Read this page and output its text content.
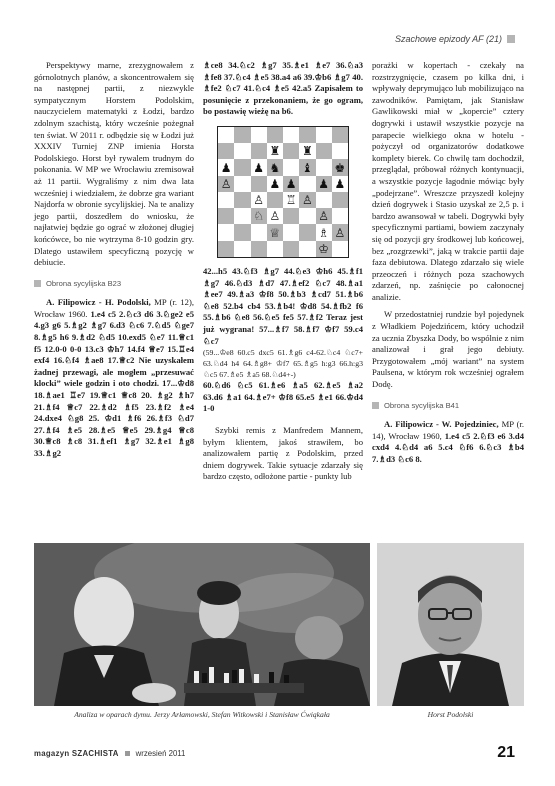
Szachowe epizody AF (21)

Perspektywy marne, zrezygnowałem z górnolotnych planów, a skoncentrowałem się na następnej partii, z niezwykle sympatycznym Horstem Podolskim, nauczycielem matematyki z Łodzi, bardzo zdolnym szachistą, który wcześnie pożegnał ten świat. W 2011 r. odbędzie się w Łodzi już XXXIV Turniej ZNP imienia Horsta Podolskiego. Horst był rywalem trudnym do pokonania. W MP we Wrocławiu zremisował aż 11 partii. Wygraliśmy z nim dwa lata wcześniej i wiedziałem, że dobrze gra wariant Najdorfa w obronie sycylijskiej. Na te analizy jego partii, doszedłem do wniosku, że najłatwiej będzie go ograć w złożonej długiej końcówce, bo nie wytrzyma 8-10 godzin gry. Dlatego ustawiłem specyficzną pozycję w debiucie.

Obrona sycylijska B23

A. Filipowicz - H. Podolski, MP (r. 12), Wrocław 1960. 1.e4 c5 2.♘c3 d6 3.♘ge2 e5 4.g3 g6 5.♗g2 ♗g7 6.d3 ♘c6 7.♘d5 ♘ge7 8.♗g5 h6 9.♗d2 ♘d5 10.exd5 ♘e7 11.♕c1 f5 12.0-0 0-0 13.c3 ♔h7 14.f4 ♕e7 15.♖e4 exf4 16.♘f4 ♗ae8 17.♕c2 Nie uzyskałem żadnej przewagi, ale mogłem „przesuwać klocki” wiele godzin i oto chodzi. 17...♔d8 18.♗ae1 ♖e7 19.♕c1 ♕c8 20. ♗g2 ♗h7 21.♗f4 ♕c7 22.♗d2 ♗f5 23.♗f2 ♗e4 24.dxe4 ♘g8 25. ♔d1 ♗f6 26.♗f3 ♘d7 27.♗f4 ♗e5 28.♗e5 ♕e5 29.♗g4 ♕c8 30.♕c8 ♗c8 31.♗ef1 ♗g7 32.♗e1 ♗g8 33.♗g2

♗ce8 34.♘c2 ♗g7 35.♗e1 ♗e7 36.♘a3 ♗fe8 37.♘c4 ♗e5 38.a4 a6 39.♔b6 ♗g7 40. ♗fe2 ♘c7 41.♘c4 ♗e5 42.a5 Zapisałem to posunięcie z przekonaniem, że go ogram, bo postawię wieżę na b6.

♜ ♜
♟ ♟ ♞ ♝ ♚
♙	♟ ♟ ♟ ♟
♙ ♖ ♙
♘ ♙	♙
♕	♗ ♙
♔

42...h5 43.♘f3 ♗g7 44.♘e3 ♔h6 45.♗f1 ♗g7 46.♘d3 ♗d7 47.♗ef2 ♘c7 48.♗a1 ♗ee7 49.♗a3 ♔f8 50.♗b3 ♗cd7 51.♗b6 ♘e8 52.b4 cb4 53.♗b4! ♔d8 54.♗fb2 f6 55.♗b6 ♘e8 56.♘e5 fe5 57.♗f2 Teraz jest już wygrana! 57...♗f7 58.♗f7 ♔f7 59.c4 ♘c7

(59...♔e8 60.c5 dxc5 61.♗g6 c4-62.♘c4 ♘c7+ 63.♘d4 h4 64.♗g8+ ♔f7 65.♗g5 h:g3 66.h:g3 ♘c5 67.♗e5 ♗a5 68.♘d4+-)

60.♘d6 ♘c5 61.♗e6 ♗a5 62.♗e5 ♗a2 63.d6 ♗a1 64.♗e7+ ♔f8 65.e5 ♗e1 66.♔d4 1-0

Szybki remis z Manfredem Mannem, byłym klientem, jakoś strawiłem, bo analizowałem partię z Podolskim, przed dniem dogrywek. Takie sytuacje zdarzały się bardzo często, odłożone partie - punkty lub

porażki w kopertach - czekały na rozstrzygnięcie, czasem po kilka dni, i wpływały deprymująco lub mobilizująco na zawodników. Pamiętam, jak Stanisław Gawlikowski miał w „kopercie” cztery dogrywki i ustawił wszystkie pozycje na parapecie wielkiego okna w hotelu - pożyczył od organizatorów dodatkowe komplety bierek. Co chwilę tam dochodził, przeglądał, próbował różnych kontynuacji, a wszystkie pozycje łagodnie mówiąc były „podejrzane”. Wreszcze przyszedł kolejny dzień dogrywek i Stasio uzyskał ze 2,5 p. i bardzo awansował w tabeli. Dogrywki były specyficznymi partiami, bowiem zaczynały się od pozycji gry środkowej lub końcowej, bez „rozgrzewki”, jaką w trakcie partii daje faza debiutowa. Dlatego zdarzało się wiele przeoczeń i różnych poza szachowych zdarzeń, np. zaśnięcie po całonocnej analizie.

W przedostatniej rundzie był pojedynek z Władkiem Pojedzińcem, który uchodził za ucznia Zbyszka Dody, bo wspólnie z nim analizował i grał jego debiuty. Przygotowałem „mój wariant” na system Paulsena, w którym rok wcześniej ograłem Dodę.

Obrona sycylijska B41

A. Filipowicz - W. Pojedziniec, MP (r. 14), Wrocław 1960, 1.e4 c5 2.♘f3 e6 3.d4 cxd4 4.♘d4 a6 5.c4 ♘f6 6.♘c3 ♗b4 7.♗d3 ♘c6 8.

Analiza w oparach dymu. Jerzy Arłamowski, Stefan Witkowski i Stanisław Ćwiąkała	Horst Podolski
magazyn SZACHISTA wrzesień 2011	21
